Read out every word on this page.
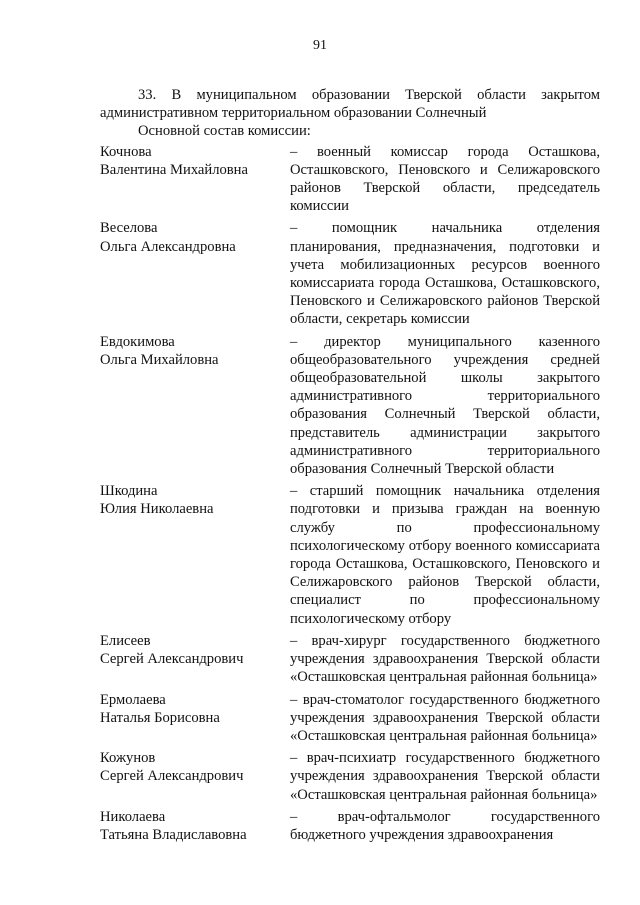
91

33. В муниципальном образовании Тверской области закрытом административном территориальном образовании Солнечный

Основной состав комиссии:

Кочнова
Валентина Михайловна
– военный комиссар города Осташкова, Осташковского, Пеновского и Селижаровского районов Тверской области, председатель комиссии
Веселова
Ольга Александровна
– помощник начальника отделения планирования, предназначения, подготовки и учета мобилизационных ресурсов военного комиссариата города Осташкова, Осташковского, Пеновского и Селижаровского районов Тверской области, секретарь комиссии
Евдокимова
Ольга Михайловна
– директор муниципального казенного общеобразовательного учреждения средней общеобразовательной школы закрытого административного территориального образования Солнечный Тверской области, представитель администрации закрытого административного территориального образования Солнечный Тверской области
Шкодина
Юлия Николаевна
– старший помощник начальника отделения подготовки и призыва граждан на военную службу по профессиональному психологическому отбору военного комиссариата города Осташкова, Осташковского, Пеновского и Селижаровского районов Тверской области, специалист по профессиональному психологическому отбору
Елисеев
Сергей Александрович
– врач-хирург государственного бюджетного учреждения здравоохранения Тверской области «Осташковская центральная районная больница»
Ермолаева
Наталья Борисовна
– врач-стоматолог государственного бюджетного учреждения здравоохранения Тверской области «Осташковская центральная районная больница»
Кожунов
Сергей Александрович
– врач-психиатр государственного бюджетного учреждения здравоохранения Тверской области «Осташковская центральная районная больница»
Николаева
Татьяна Владиславовна
– врач-офтальмолог государственного бюджетного учреждения здравоохранения
